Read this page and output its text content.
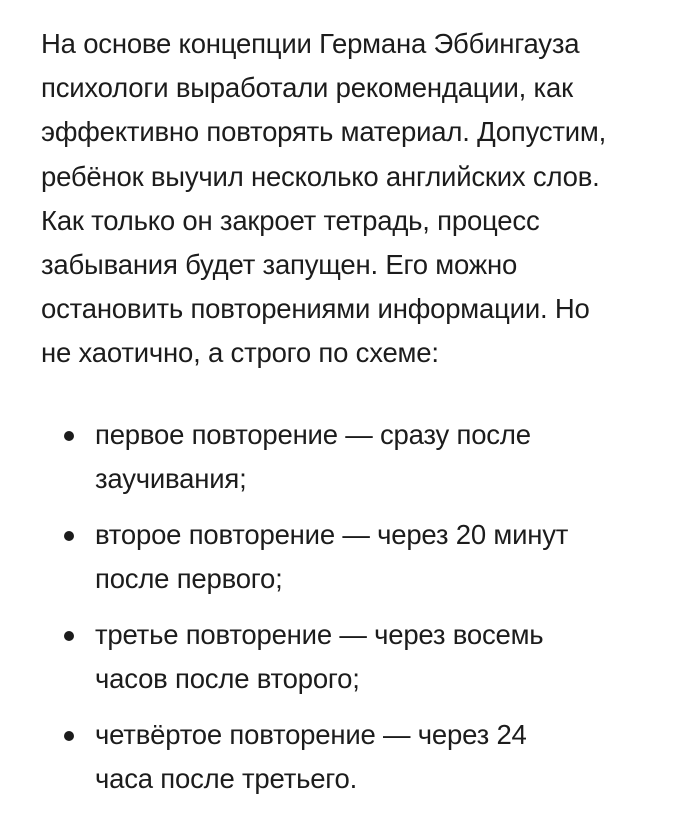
На основе концепции Германа Эббингауза
психологи выработали рекомендации, как
эффективно повторять материал. Допустим,
ребёнок выучил несколько английских слов.
Как только он закроет тетрадь, процесс
забывания будет запущен. Его можно
остановить повторениями информации. Но
не хаотично, а строго по схеме:

первое повторение — сразу после
заучивания;
второе повторение — через 20 минут
после первого;
третье повторение — через восемь
часов после второго;
четвёртое повторение — через 24
часа после третьего.
